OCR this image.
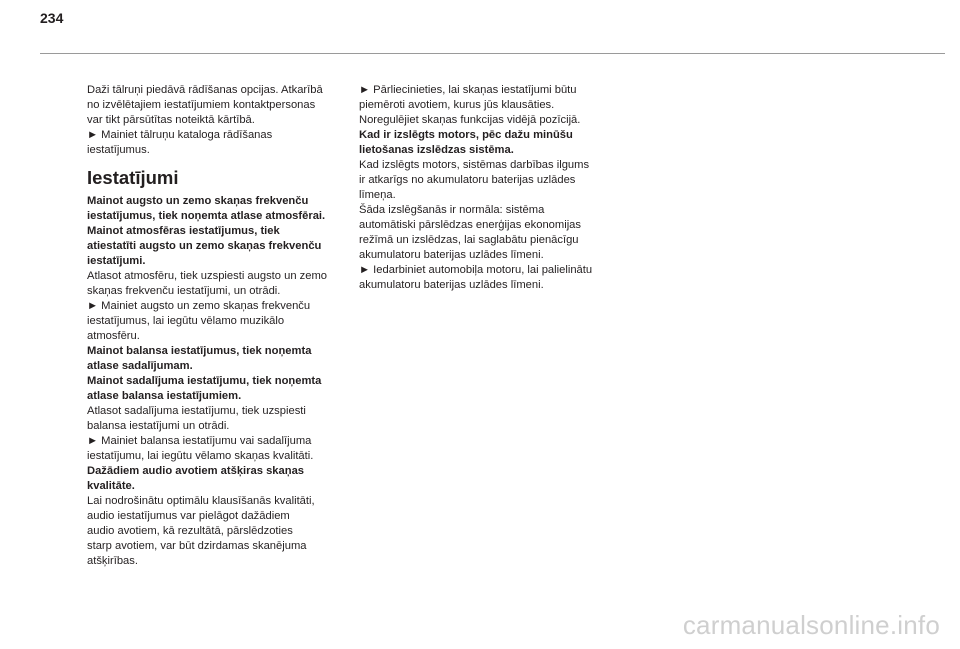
234

Daži tālruņi piedāvā rādīšanas opcijas. Atkarībā
no izvēlētajiem iestatījumiem kontaktpersonas
var tikt pārsūtītas noteiktā kārtībā.
► Mainiet tālruņu kataloga rādīšanas
iestatījumus.

Iestatījumi

Mainot augsto un zemo skaņas frekvenču
iestatījumus, tiek noņemta atlase atmosfērai.
Mainot atmosfēras iestatījumus, tiek
atiestatīti augsto un zemo skaņas frekvenču
iestatījumi.

Atlasot atmosfēru, tiek uzspiesti augsto un zemo
skaņas frekvenču iestatījumi, un otrādi.
► Mainiet augsto un zemo skaņas frekvenču
iestatījumus, lai iegūtu vēlamo muzikālo
atmosfēru.

Mainot balansa iestatījumus, tiek noņemta
atlase sadalījumam.
Mainot sadalījuma iestatījumu, tiek noņemta
atlase balansa iestatījumiem.

Atlasot sadalījuma iestatījumu, tiek uzspiesti
balansa iestatījumi un otrādi.
► Mainiet balansa iestatījumu vai sadalījuma
iestatījumu, lai iegūtu vēlamo skaņas kvalitāti.

Dažādiem audio avotiem atšķiras skaņas
kvalitāte.

Lai nodrošinātu optimālu klausīšanās kvalitāti,
audio iestatījumus var pielāgot dažādiem
audio avotiem, kā rezultātā, pārslēdzoties
starp avotiem, var būt dzirdamas skanējuma
atšķirības.

► Pārliecinieties, lai skaņas iestatījumi būtu
piemēroti avotiem, kurus jūs klausāties.
Noregulējiet skaņas funkcijas vidējā pozīcijā.

Kad ir izslēgts motors, pēc dažu minūšu
lietošanas izslēdzas sistēma.

Kad izslēgts motors, sistēmas darbības ilgums
ir atkarīgs no akumulatoru baterijas uzlādes
līmeņa.
Šāda izslēgšanās ir normāla: sistēma
automātiski pārslēdzas enerģijas ekonomijas
režīmā un izslēdzas, lai saglabātu pienācīgu
akumulatoru baterijas uzlādes līmeni.
► Iedarbiniet automobiļa motoru, lai palielinātu
akumulatoru baterijas uzlādes līmeni.

carmanualsonline.info
